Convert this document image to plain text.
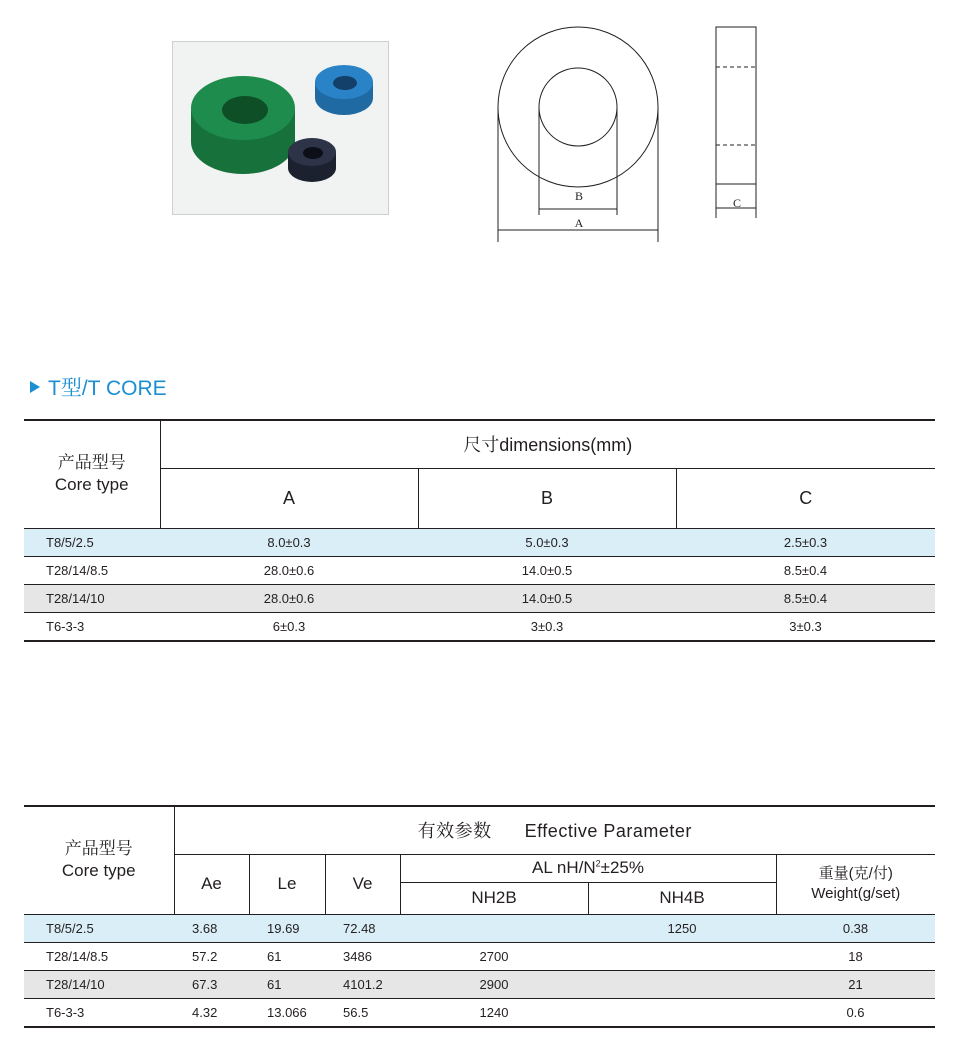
B
A
C
T型/T CORE
产品型号
Core type	尺寸dimensions(mm)		
	A	B	C
T8/5/2.5	8.0±0.3	5.0±0.3	2.5±0.3
T28/14/8.5	28.0±0.6	14.0±0.5	8.5±0.4
T28/14/10	28.0±0.6	14.0±0.5	8.5±0.4
T6-3-3	6±0.3	3±0.3	3±0.3
产品型号
Core type	有效参数 Effective Parameter					
	Ae	Le	Ve	AL $nH/N^2\pm 25\%$		重量(克/付)
Weight(g/set)

				NH2B	NH4B	
T8/5/2.5	3.68	19.69	72.48		1250	0.38
T28/14/8.5	57.2	61	3486	2700		18
T28/14/10	67.3	61	4101.2	2900		21
T6-3-3	4.32	13.066	56.5	1240		0.6
